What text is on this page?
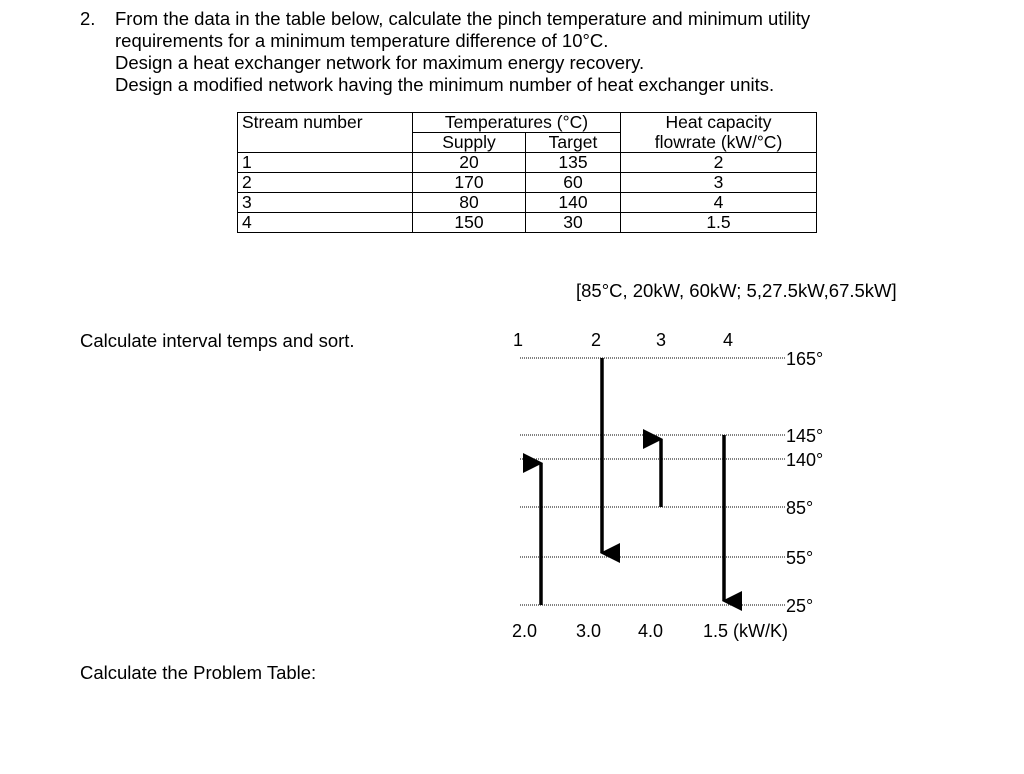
2. From the data in the table below, calculate the pinch temperature and minimum utility
requirements for a minimum temperature difference of 10°C.
Design a heat exchanger network for maximum energy recovery.
Design a modified network having the minimum number of heat exchanger units.
Stream number	Temperatures (°C)		Heat capacity
	Supply	Target	flowrate (kW/°C)
1	20	135	2
2	170	60	3
3	80	140	4
4	150	30	1.5
[85°C, 20kW, 60kW; 5,27.5kW,67.5kW]
Calculate interval temps and sort.
165°
145°
140°
85°
55°
25°
1	2	3	4
2.0 3.0 4.0 1.5 (kW/K)
Calculate the Problem Table:
